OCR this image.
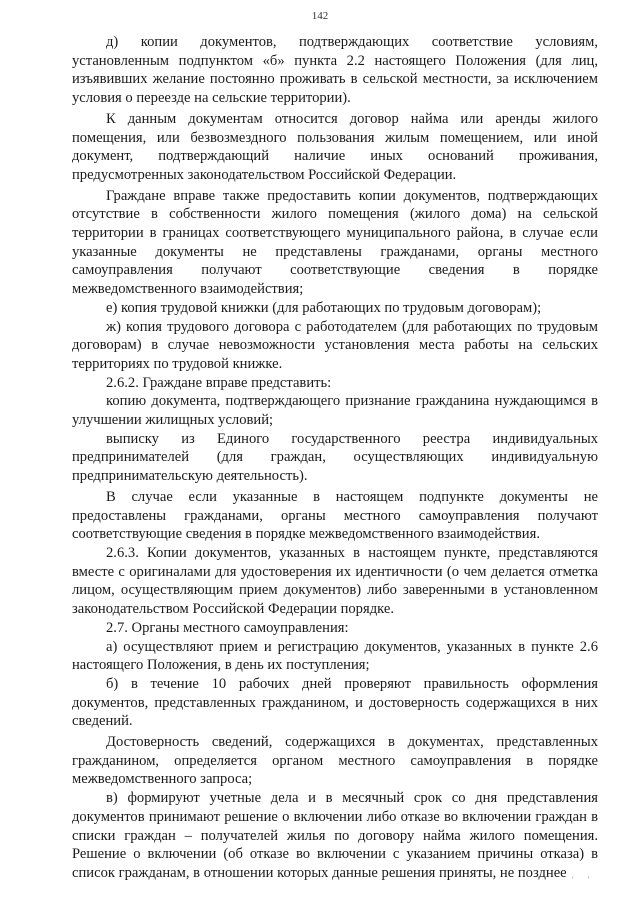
142

д) копии документов, подтверждающих соответствие условиям, установленным подпунктом «б» пункта 2.2 настоящего Положения (для лиц, изъявивших желание постоянно проживать в сельской местности, за исключением условия о переезде на сельские территории).

К данным документам относится договор найма или аренды жилого помещения, или безвозмездного пользования жилым помещением, или иной документ, подтверждающий наличие иных оснований проживания, предусмотренных законодательством Российской Федерации.

Граждане вправе также предоставить копии документов, подтверждающих отсутствие в собственности жилого помещения (жилого дома) на сельской территории в границах соответствующего муниципального района, в случае если указанные документы не представлены гражданами, органы местного самоуправления получают соответствующие сведения в порядке межведомственного взаимодействия;

е) копия трудовой книжки (для работающих по трудовым договорам);

ж) копия трудового договора с работодателем (для работающих по трудовым договорам) в случае невозможности установления места работы на сельских территориях по трудовой книжке.

2.6.2. Граждане вправе представить:

копию документа, подтверждающего признание гражданина нуждающимся в улучшении жилищных условий;

выписку из Единого государственного реестра индивидуальных предпринимателей (для граждан, осуществляющих индивидуальную предпринимательскую деятельность).

В случае если указанные в настоящем подпункте документы не предоставлены гражданами, органы местного самоуправления получают соответствующие сведения в порядке межведомственного взаимодействия.

2.6.3. Копии документов, указанных в настоящем пункте, представляются вместе с оригиналами для удостоверения их идентичности (о чем делается отметка лицом, осуществляющим прием документов) либо заверенными в установленном законодательством Российской Федерации порядке.

2.7. Органы местного самоуправления:

а) осуществляют прием и регистрацию документов, указанных в пункте 2.6 настоящего Положения, в день их поступления;

б) в течение 10 рабочих дней проверяют правильность оформления документов, представленных гражданином, и достоверность содержащихся в них сведений.

Достоверность сведений, содержащихся в документах, представленных гражданином, определяется органом местного самоуправления в порядке межведомственного запроса;

в) формируют учетные дела и в месячный срок со дня представления документов принимают решение о включении либо отказе во включении граждан в списки граждан – получателей жилья по договору найма жилого помещения. Решение о включении (об отказе во включении с указанием причины отказа) в список гражданам, в отношении которых данные решения приняты, не позднее ' '
